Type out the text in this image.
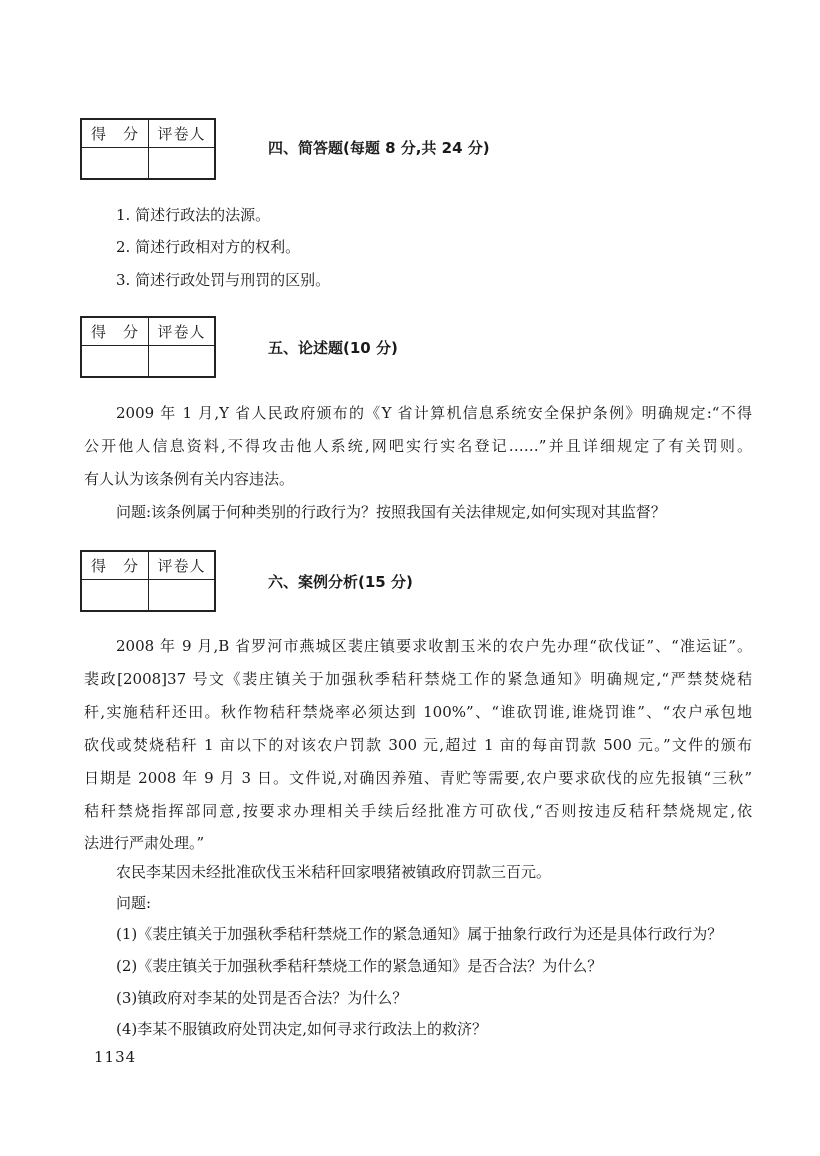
得　分	评卷人
四、简答题(每题 8 分,共 24 分)
1. 简述行政法的法源。
2. 简述行政相对方的权利。
3. 简述行政处罚与刑罚的区别。
得　分	评卷人
五、论述题(10 分)
2009 年 1 月,Y 省人民政府颁布的《Y 省计算机信息系统安全保护条例》明确规定:“不得
公开他人信息资料,不得攻击他人系统,网吧实行实名登记……”并且详细规定了有关罚则。
有人认为该条例有关内容违法。
问题:该条例属于何种类别的行政行为？按照我国有关法律规定,如何实现对其监督？
得　分	评卷人
六、案例分析(15 分)
2008 年 9 月,B 省罗河市燕城区裴庄镇要求收割玉米的农户先办理“砍伐证”、“准运证”。
裴政[2008]37 号文《裴庄镇关于加强秋季秸秆禁烧工作的紧急通知》明确规定,“严禁焚烧秸
秆,实施秸秆还田。秋作物秸秆禁烧率必须达到 100%”、“谁砍罚谁,谁烧罚谁”、“农户承包地
砍伐或焚烧秸秆 1 亩以下的对该农户罚款 300 元,超过 1 亩的每亩罚款 500 元。”文件的颁布
日期是 2008 年 9 月 3 日。文件说,对确因养殖、青贮等需要,农户要求砍伐的应先报镇“三秋”
秸秆禁烧指挥部同意,按要求办理相关手续后经批准方可砍伐,“否则按违反秸秆禁烧规定,依
法进行严肃处理。”
农民李某因未经批准砍伐玉米秸秆回家喂猪被镇政府罚款三百元。
问题:
(1)《裴庄镇关于加强秋季秸秆禁烧工作的紧急通知》属于抽象行政行为还是具体行政行为？
(2)《裴庄镇关于加强秋季秸秆禁烧工作的紧急通知》是否合法？为什么？
(3)镇政府对李某的处罚是否合法？为什么？
(4)李某不服镇政府处罚决定,如何寻求行政法上的救济？
1134
